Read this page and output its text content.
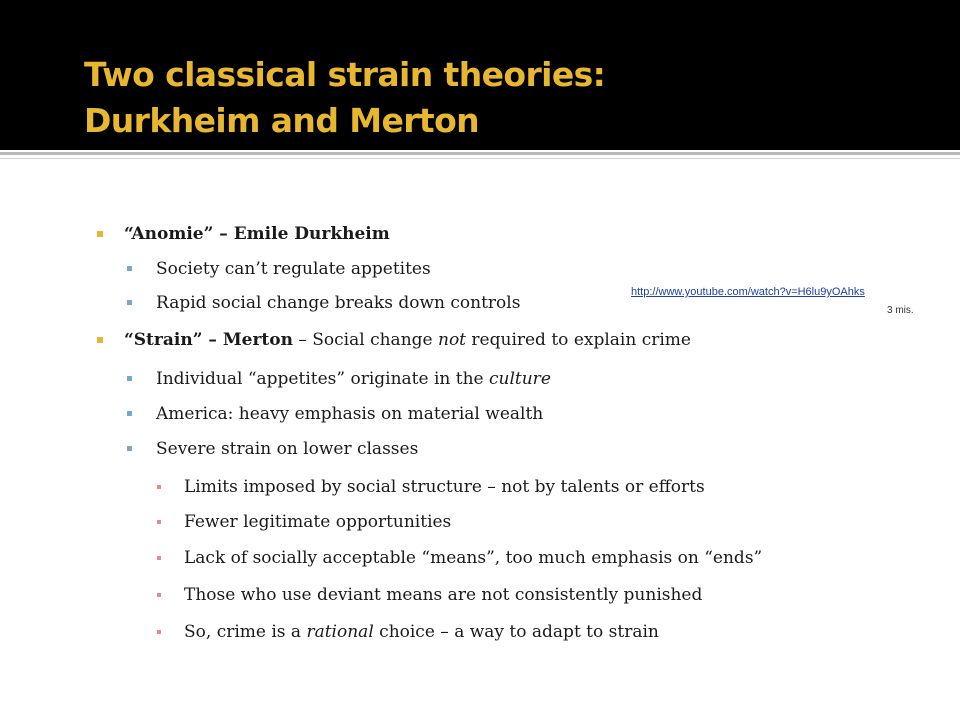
Two classical strain theories:
Durkheim and Merton
“Anomie” – Emile Durkheim
Society can’t regulate appetites
Rapid social change breaks down controls
“Strain” – Merton – Social change not required to explain crime
Individual “appetites” originate in the culture
America: heavy emphasis on material wealth
Severe strain on lower classes
Limits imposed by social structure – not by talents or efforts
Fewer legitimate opportunities
Lack of socially acceptable “means”, too much emphasis on “ends”
Those who use deviant means are not consistently punished
So, crime is a rational choice – a way to adapt to strain
http://www.youtube.com/watch?v=H6lu9yOAhks
3 mis.
